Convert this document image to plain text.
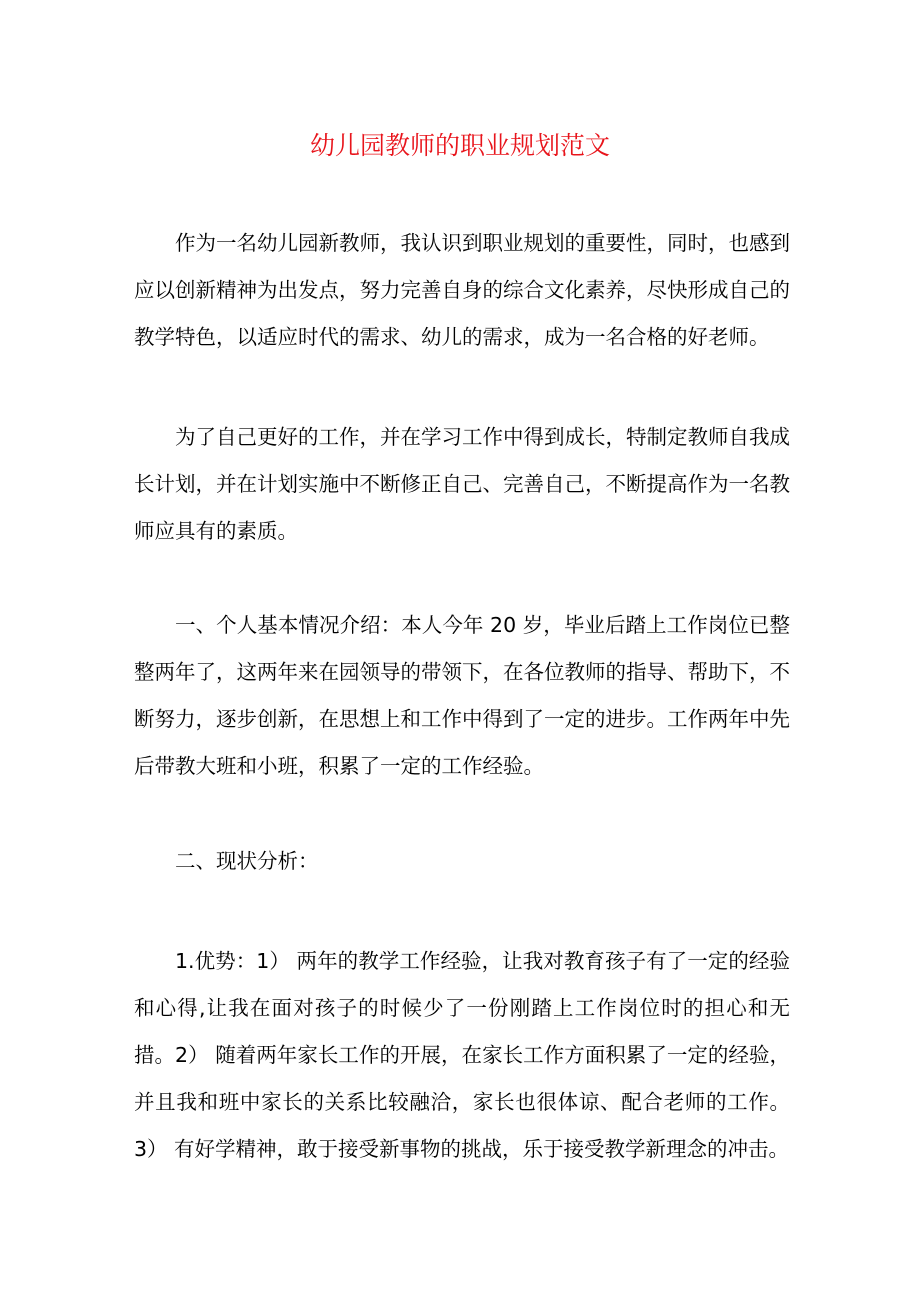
幼儿园教师的职业规划范文

作为一名幼儿园新教师，我认识到职业规划的重要性，同时，也感到应以创新精神为出发点，努力完善自身的综合文化素养，尽快形成自己的教学特色，以适应时代的需求、幼儿的需求，成为一名合格的好老师。

为了自己更好的工作，并在学习工作中得到成长，特制定教师自我成长计划，并在计划实施中不断修正自己、完善自己，不断提高作为一名教师应具有的素质。

一、个人基本情况介绍：本人今年 20 岁，毕业后踏上工作岗位已整整两年了，这两年来在园领导的带领下，在各位教师的指导、帮助下，不断努力，逐步创新，在思想上和工作中得到了一定的进步。工作两年中先后带教大班和小班，积累了一定的工作经验。

二、现状分析：

1.优势：1） 两年的教学工作经验，让我对教育孩子有了一定的经验和心得,让我在面对孩子的时候少了一份刚踏上工作岗位时的担心和无措。2） 随着两年家长工作的开展，在家长工作方面积累了一定的经验，并且我和班中家长的关系比较融洽，家长也很体谅、配合老师的工作。3） 有好学精神，敢于接受新事物的挑战，乐于接受教学新理念的冲击。
